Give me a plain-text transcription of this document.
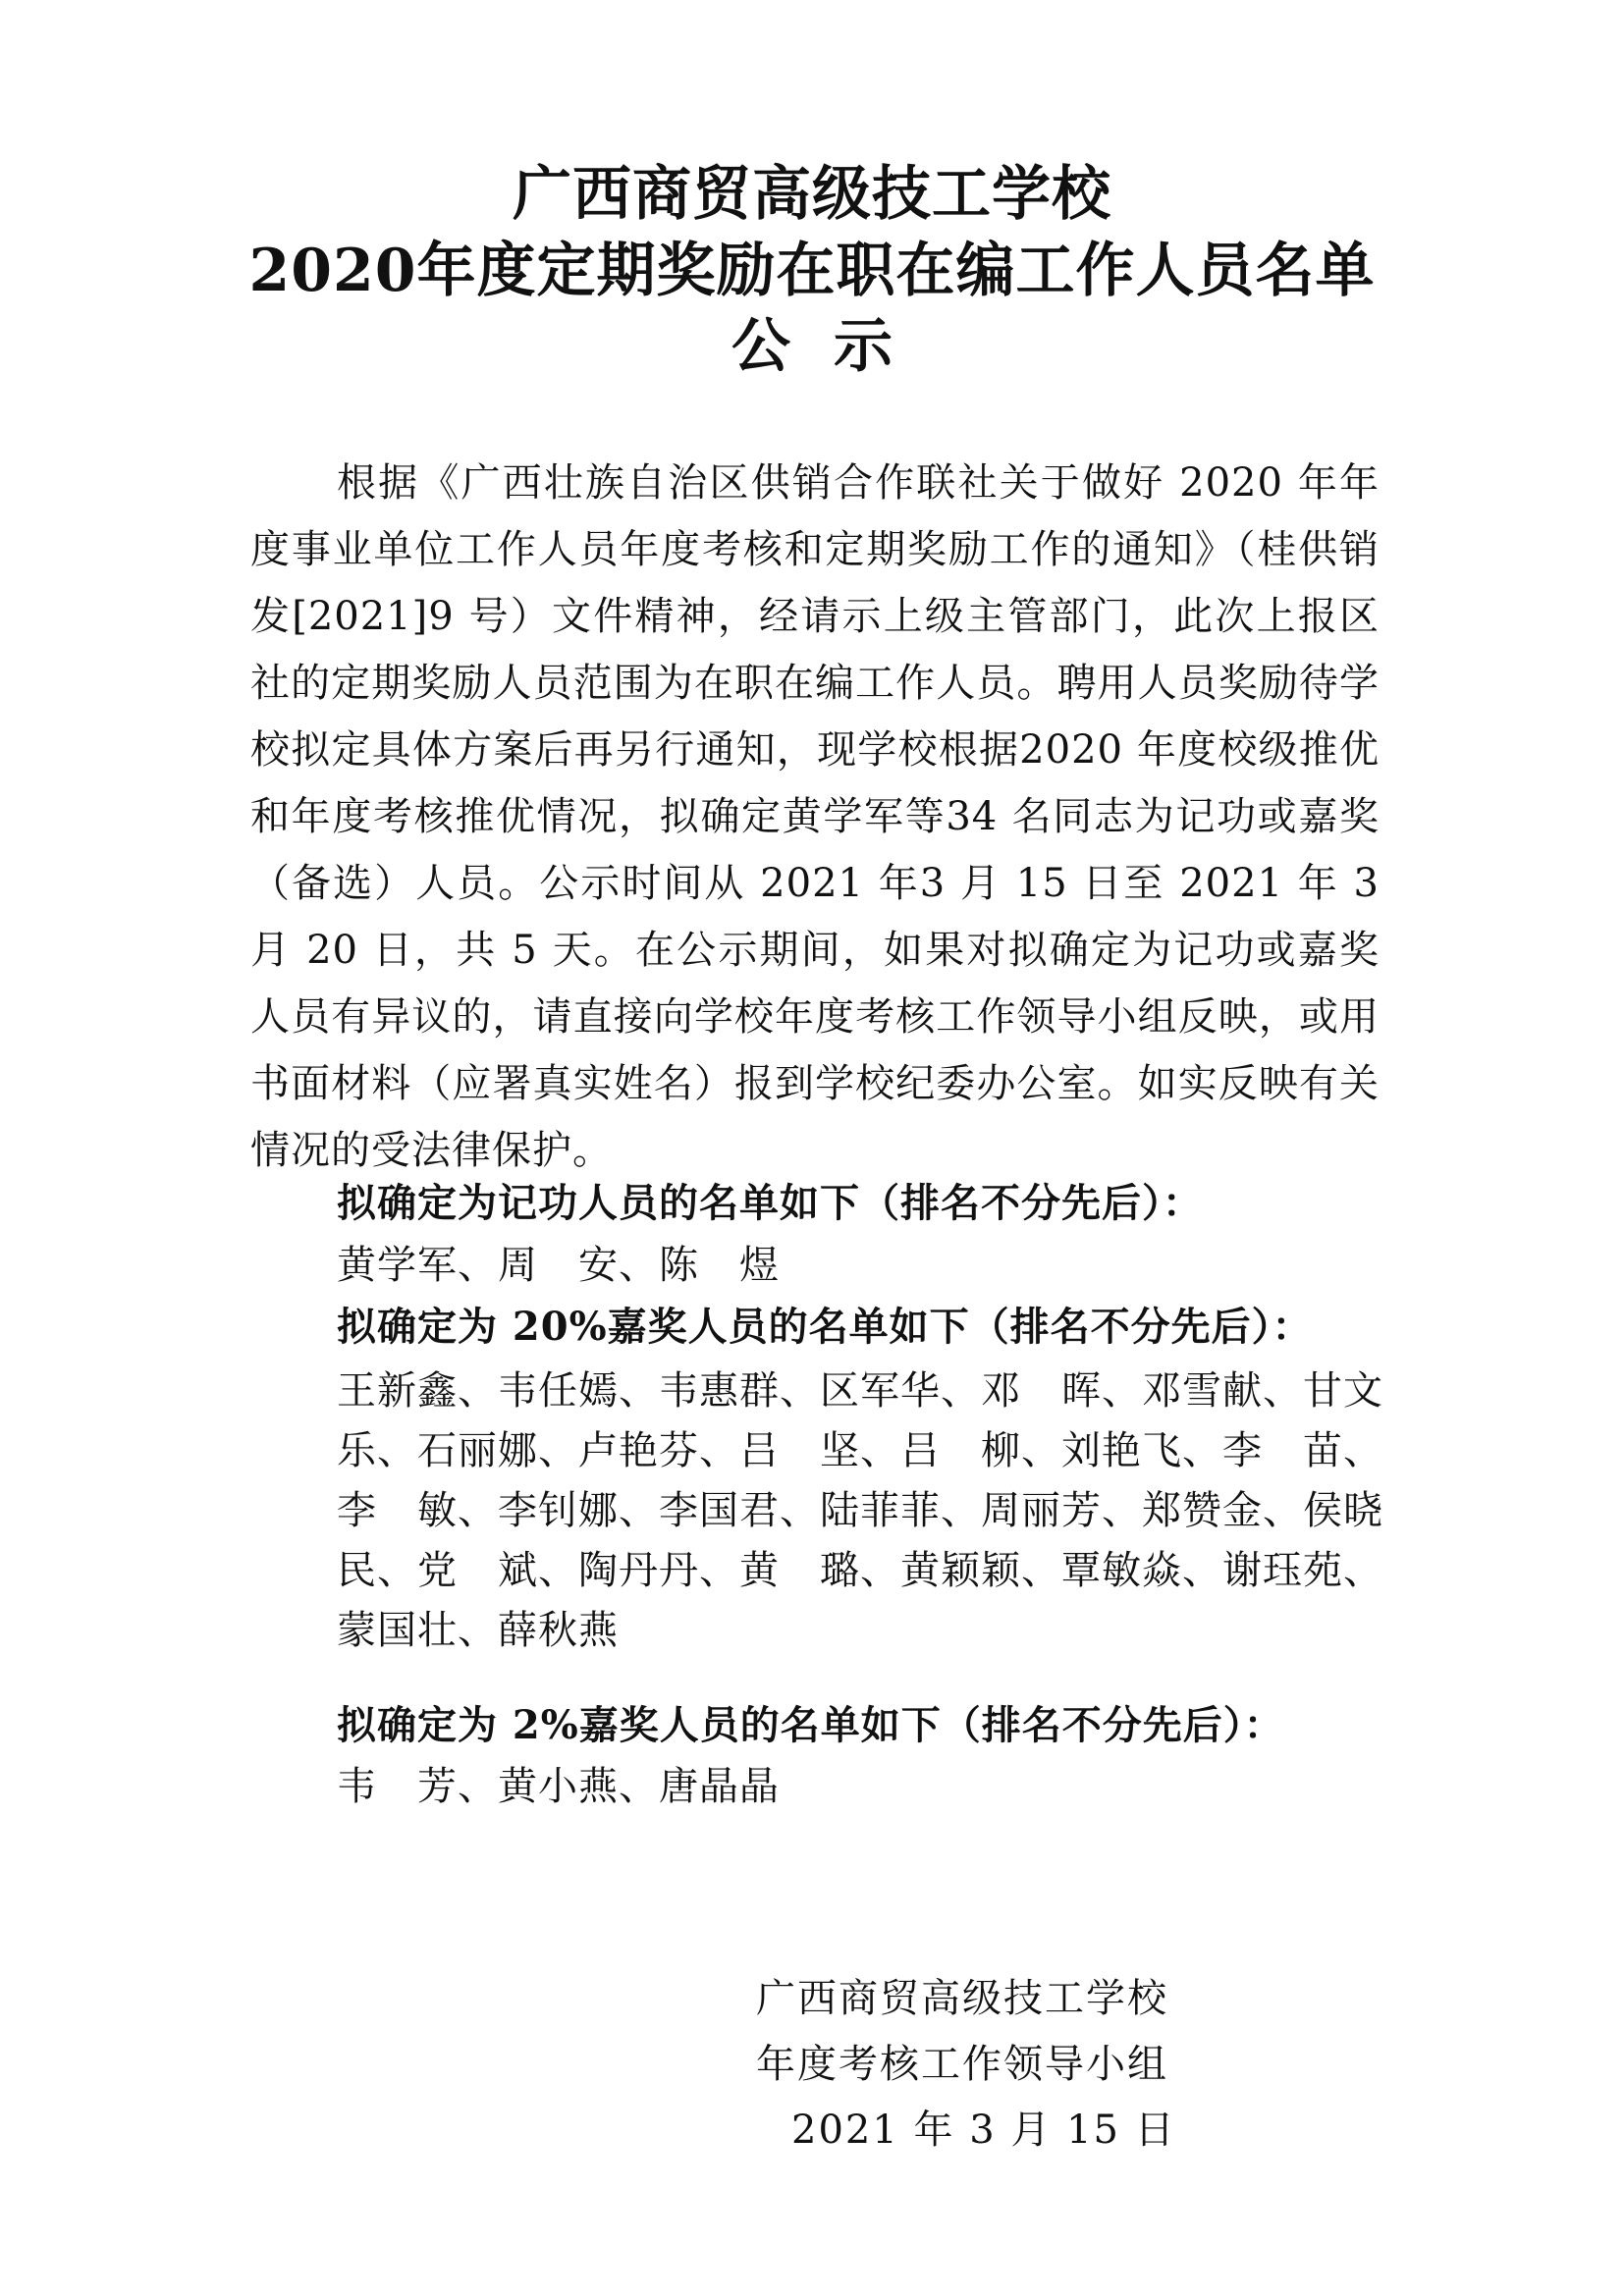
广西商贸高级技工学校
2020年度定期奖励在职在编工作人员名单
公 示
根据《广西壮族自治区供销合作联社关于做好 2020 年年度事业单位工作人员年度考核和定期奖励工作的通知》（桂供销发[2021]9 号）文件精神，经请示上级主管部门，此次上报区社的定期奖励人员范围为在职在编工作人员。聘用人员奖励待学校拟定具体方案后再另行通知，现学校根据2020 年度校级推优和年度考核推优情况，拟确定黄学军等34 名同志为记功或嘉奖（备选）人员。公示时间从 2021 年3 月 15 日至 2021 年 3 月 20 日，共 5 天。在公示期间，如果对拟确定为记功或嘉奖人员有异议的，请直接向学校年度考核工作领导小组反映，或用书面材料（应署真实姓名）报到学校纪委办公室。如实反映有关情况的受法律保护。
拟确定为记功人员的名单如下（排名不分先后）：
黄学军、周　安、陈　煜
拟确定为 20%嘉奖人员的名单如下（排名不分先后）：
王新鑫、韦任嫣、韦惠群、区军华、邓　晖、邓雪献、甘文乐、石丽娜、卢艳芬、吕　坚、吕　柳、刘艳飞、李　苗、李　敏、李钊娜、李国君、陆菲菲、周丽芳、郑赞金、侯晓民、党　斌、陶丹丹、黄　璐、黄颖颖、覃敏焱、谢珏苑、蒙国壮、薛秋燕
拟确定为 2%嘉奖人员的名单如下（排名不分先后）：
韦　芳、黄小燕、唐晶晶
广西商贸高级技工学校
年度考核工作领导小组
2021 年 3 月 15 日
